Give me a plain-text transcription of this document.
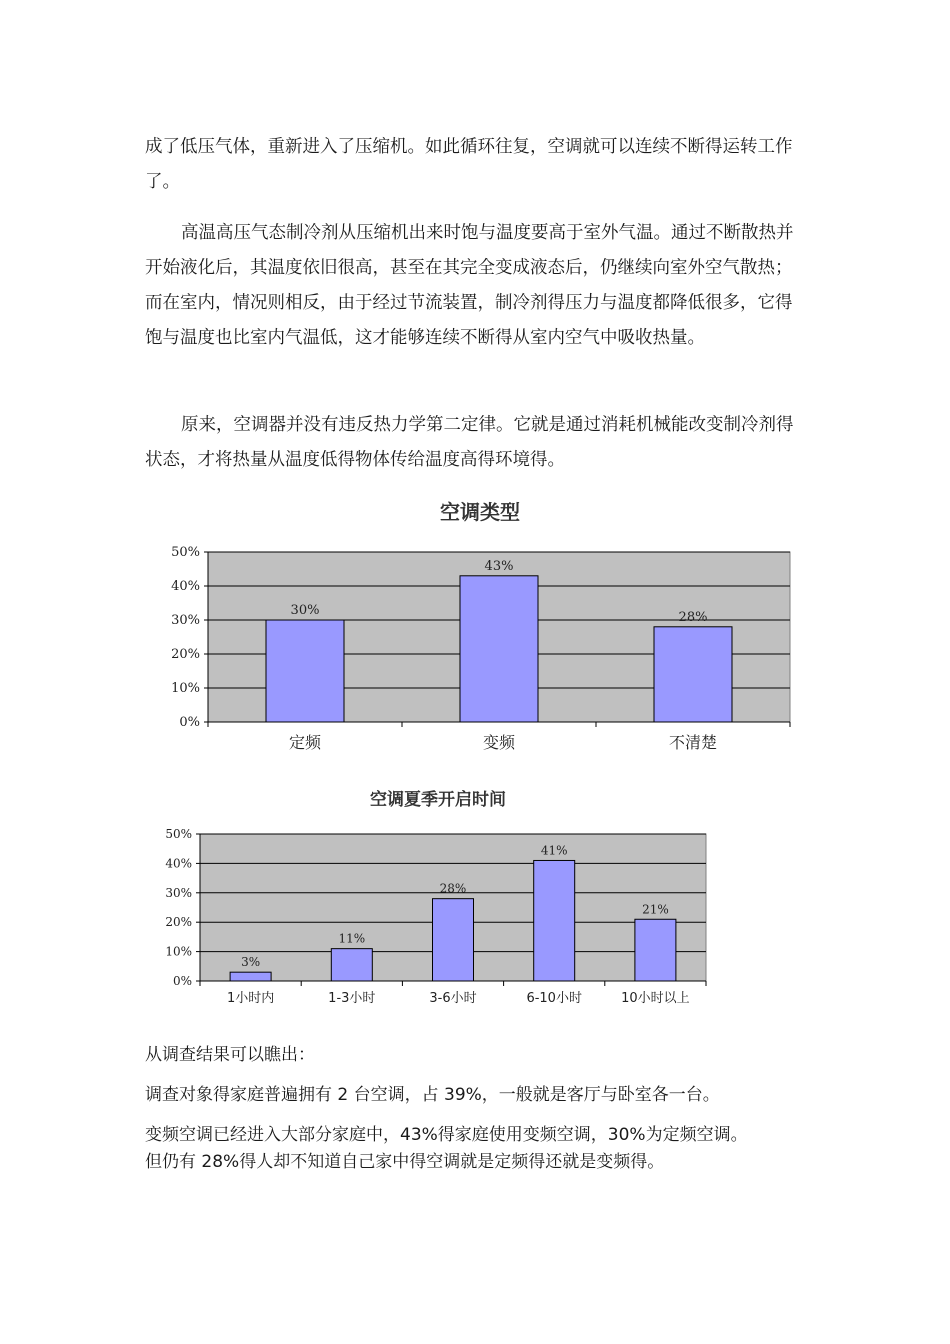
成了低压气体，重新进入了压缩机。如此循环往复，空调就可以连续不断得运转工作了。

高温高压气态制冷剂从压缩机出来时饱与温度要高于室外气温。通过不断散热并开始液化后，其温度依旧很高，甚至在其完全变成液态后，仍继续向室外空气散热；而在室内，情况则相反，由于经过节流装置，制冷剂得压力与温度都降低很多，它得饱与温度也比室内气温低，这才能够连续不断得从室内空气中吸收热量。

原来，空调器并没有违反热力学第二定律。它就是通过消耗机械能改变制冷剂得状态，才将热量从温度低得物体传给温度高得环境得。

空调类型
0%
10%
20%
30%
40%
50%
30%
定频
43%
变频
28%
不清楚
空调夏季开启时间
0%
10%
20%
30%
40%
50%
3%
1小时内
11%
1-3小时
28%
3-6小时
41%
6-10小时
21%
10小时以上

从调查结果可以瞧出：

调查对象得家庭普遍拥有 2 台空调，占 39%，一般就是客厅与卧室各一台。

变频空调已经进入大部分家庭中，43%得家庭使用变频空调，30%为定频空调。
但仍有 28%得人却不知道自己家中得空调就是定频得还就是变频得。
